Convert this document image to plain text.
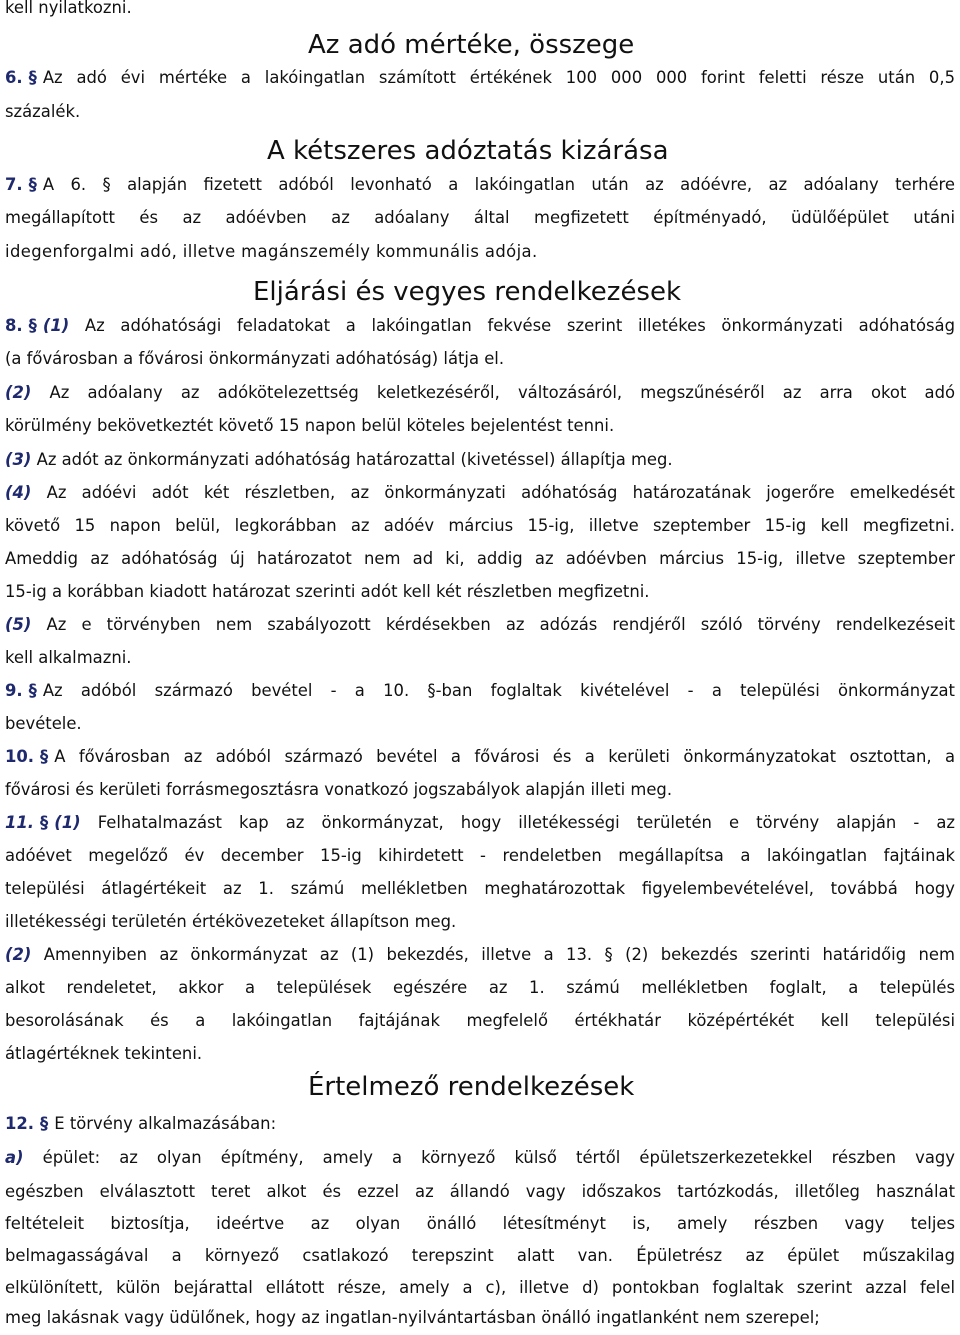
kell nyilatkozni.
Az adó mértéke, összege
6. § Az adó évi mértéke a lakóingatlan számított értékének 100 000 000 forint feletti része után 0,5
százalék.
A kétszeres adóztatás kizárása
7. § A 6. § alapján fizetett adóból levonható a lakóingatlan után az adóévre, az adóalany terhére
megállapított és az adóévben az adóalany által megfizetett építményadó, üdülőépület utáni
idegenforgalmi adó, illetve magánszemély kommunális adója.
Eljárási és vegyes rendelkezések
8. § (1) Az adóhatósági feladatokat a lakóingatlan fekvése szerint illetékes önkormányzati adóhatóság
(a fővárosban a fővárosi önkormányzati adóhatóság) látja el.
(2) Az adóalany az adókötelezettség keletkezéséről, változásáról, megszűnéséről az arra okot adó
körülmény bekövetkeztét követő 15 napon belül köteles bejelentést tenni.
(3) Az adót az önkormányzati adóhatóság határozattal (kivetéssel) állapítja meg.
(4) Az adóévi adót két részletben, az önkormányzati adóhatóság határozatának jogerőre emelkedését
követő 15 napon belül, legkorábban az adóév március 15-ig, illetve szeptember 15-ig kell megfizetni.
Ameddig az adóhatóság új határozatot nem ad ki, addig az adóévben március 15-ig, illetve szeptember
15-ig a korábban kiadott határozat szerinti adót kell két részletben megfizetni.
(5) Az e törvényben nem szabályozott kérdésekben az adózás rendjéről szóló törvény rendelkezéseit
kell alkalmazni.
9. § Az adóból származó bevétel - a 10. §-ban foglaltak kivételével - a települési önkormányzat
bevétele.
10. § A fővárosban az adóból származó bevétel a fővárosi és a kerületi önkormányzatokat osztottan, a
fővárosi és kerületi forrásmegosztásra vonatkozó jogszabályok alapján illeti meg.
11. § (1) Felhatalmazást kap az önkormányzat, hogy illetékességi területén e törvény alapján - az
adóévet megelőző év december 15-ig kihirdetett - rendeletben megállapítsa a lakóingatlan fajtáinak
települési átlagértékeit az 1. számú mellékletben meghatározottak figyelembevételével, továbbá hogy
illetékességi területén értékövezeteket állapítson meg.
(2) Amennyiben az önkormányzat az (1) bekezdés, illetve a 13. § (2) bekezdés szerinti határidőig nem
alkot rendeletet, akkor a települések egészére az 1. számú mellékletben foglalt, a település
besorolásának és a lakóingatlan fajtájának megfelelő értékhatár középértékét kell települési
átlagértéknek tekinteni.
Értelmező rendelkezések
12. § E törvény alkalmazásában:
a) épület: az olyan építmény, amely a környező külső tértől épületszerkezetekkel részben vagy
egészben elválasztott teret alkot és ezzel az állandó vagy időszakos tartózkodás, illetőleg használat
feltételeit biztosítja, ideértve az olyan önálló létesítményt is, amely részben vagy teljes
belmagasságával a környező csatlakozó terepszint alatt van. Épületrész az épület műszakilag
elkülönített, külön bejárattal ellátott része, amely a c), illetve d) pontokban foglaltak szerint azzal felel
meg lakásnak vagy üdülőnek, hogy az ingatlan-nyilvántartásban önálló ingatlanként nem szerepel;
